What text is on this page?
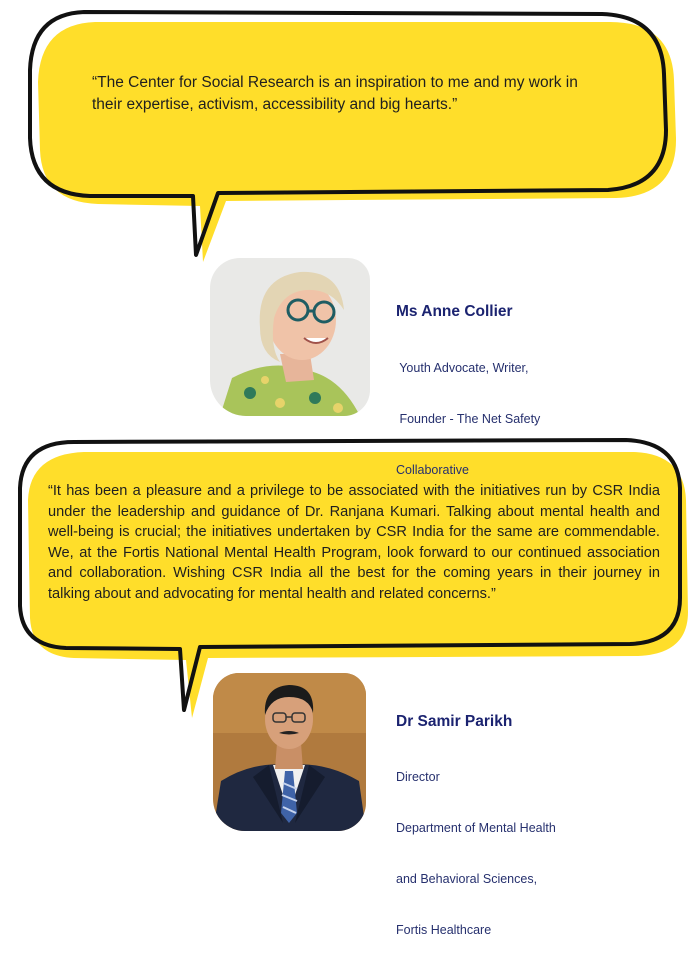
“The Center for Social Research is an inspiration to me and my work in their expertise, activism, accessibility and big hearts.”
Ms Anne Collier

Youth Advocate, Writer,

Founder - The Net Safety

Collaborative

“It has been a pleasure and a privilege to be associated with the initiatives run by CSR India under the leadership and guidance of Dr. Ranjana Kumari. Talking about mental health and well-being is crucial; the initiatives undertaken by CSR India for the same are commendable. We, at the Fortis National Mental Health Program, look forward to our continued association and collaboration. Wishing CSR India all the best for the coming years in their journey in talking about and advocating for mental health and related concerns.”
Dr Samir Parikh

Director

Department of Mental Health

and Behavioral Sciences,

Fortis Healthcare
